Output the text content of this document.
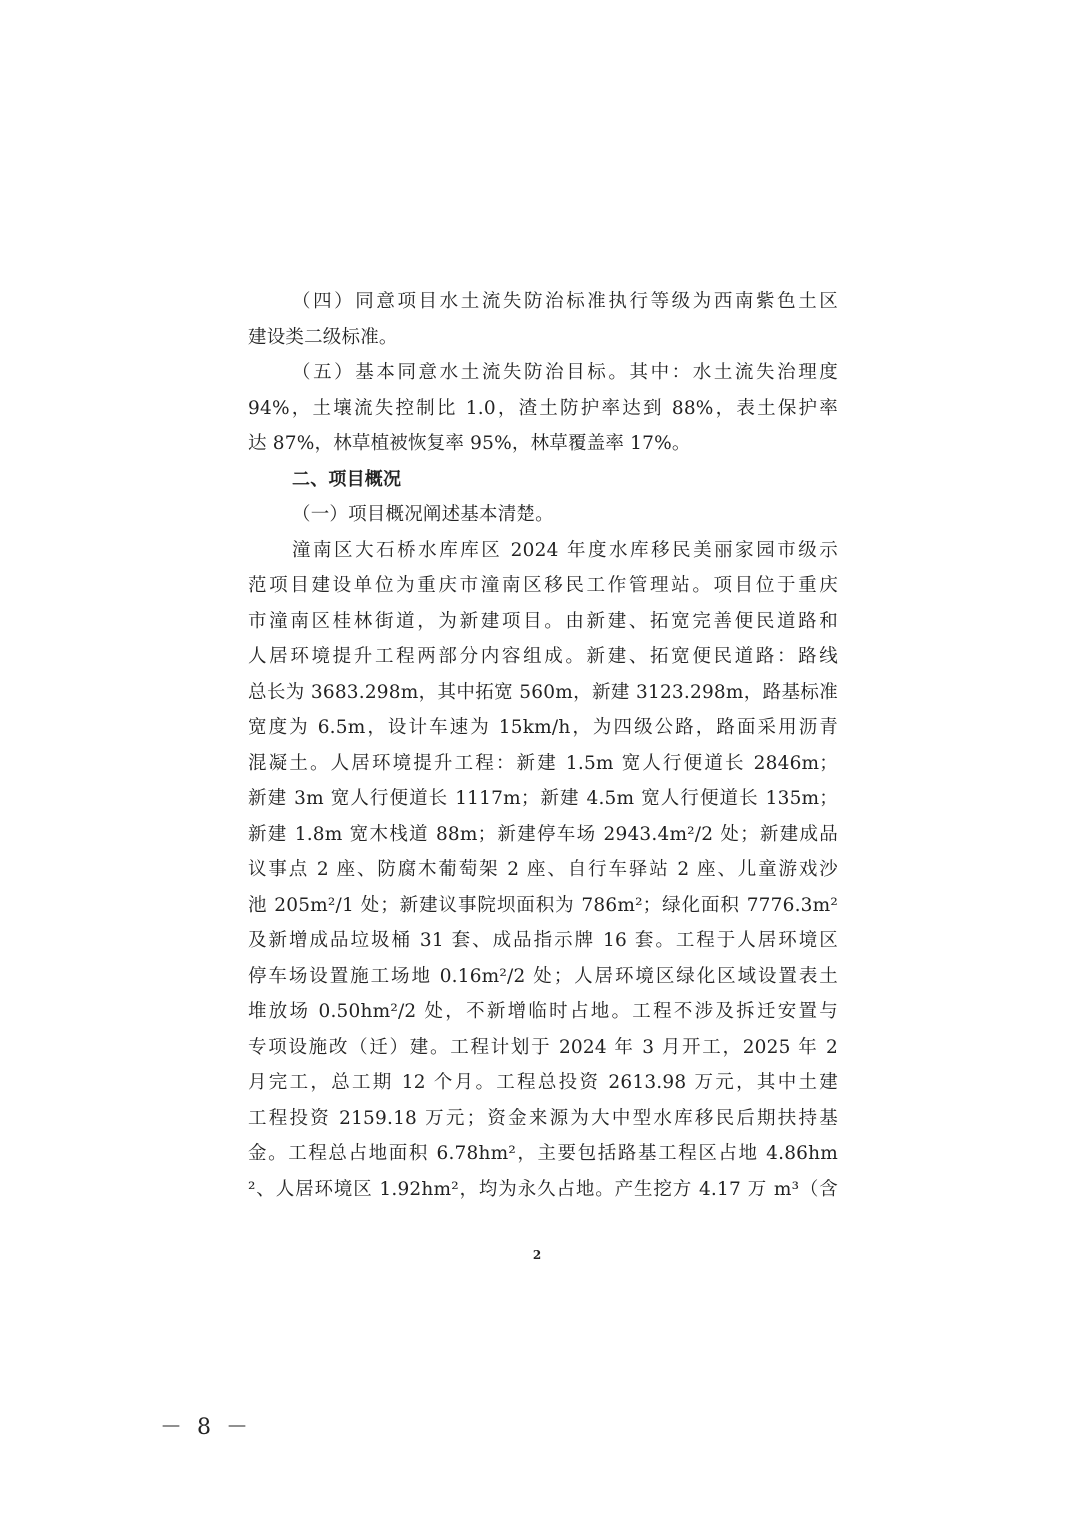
（四）同意项目水土流失防治标准执行等级为西南紫色土区
建设类二级标准。
（五）基本同意水土流失防治目标。其中：水土流失治理度
94%，土壤流失控制比 1.0，渣土防护率达到 88%，表土保护率
达 87%，林草植被恢复率 95%，林草覆盖率 17%。
二、项目概况
（一）项目概况阐述基本清楚。
潼南区大石桥水库库区 2024 年度水库移民美丽家园市级示
范项目建设单位为重庆市潼南区移民工作管理站。项目位于重庆
市潼南区桂林街道，为新建项目。由新建、拓宽完善便民道路和
人居环境提升工程两部分内容组成。新建、拓宽便民道路：路线
总长为 3683.298m，其中拓宽 560m，新建 3123.298m，路基标准
宽度为 6.5m，设计车速为 15km/h，为四级公路，路面采用沥青
混凝土。人居环境提升工程：新建 1.5m 宽人行便道长 2846m；
新建 3m 宽人行便道长 1117m；新建 4.5m 宽人行便道长 135m；
新建 1.8m 宽木栈道 88m；新建停车场 2943.4m²/2 处；新建成品
议事点 2 座、防腐木葡萄架 2 座、自行车驿站 2 座、儿童游戏沙
池 205m²/1 处；新建议事院坝面积为 786m²；绿化面积 7776.3m²
及新增成品垃圾桶 31 套、成品指示牌 16 套。工程于人居环境区
停车场设置施工场地 0.16m²/2 处；人居环境区绿化区域设置表土
堆放场 0.50hm²/2 处，不新增临时占地。工程不涉及拆迁安置与
专项设施改（迁）建。工程计划于 2024 年 3 月开工，2025 年 2
月完工，总工期 12 个月。工程总投资 2613.98 万元，其中土建
工程投资 2159.18 万元；资金来源为大中型水库移民后期扶持基
金。工程总占地面积 6.78hm²，主要包括路基工程区占地 4.86hm
²、人居环境区 1.92hm²，均为永久占地。产生挖方 4.17 万 m³（含
2
－ 8 －
